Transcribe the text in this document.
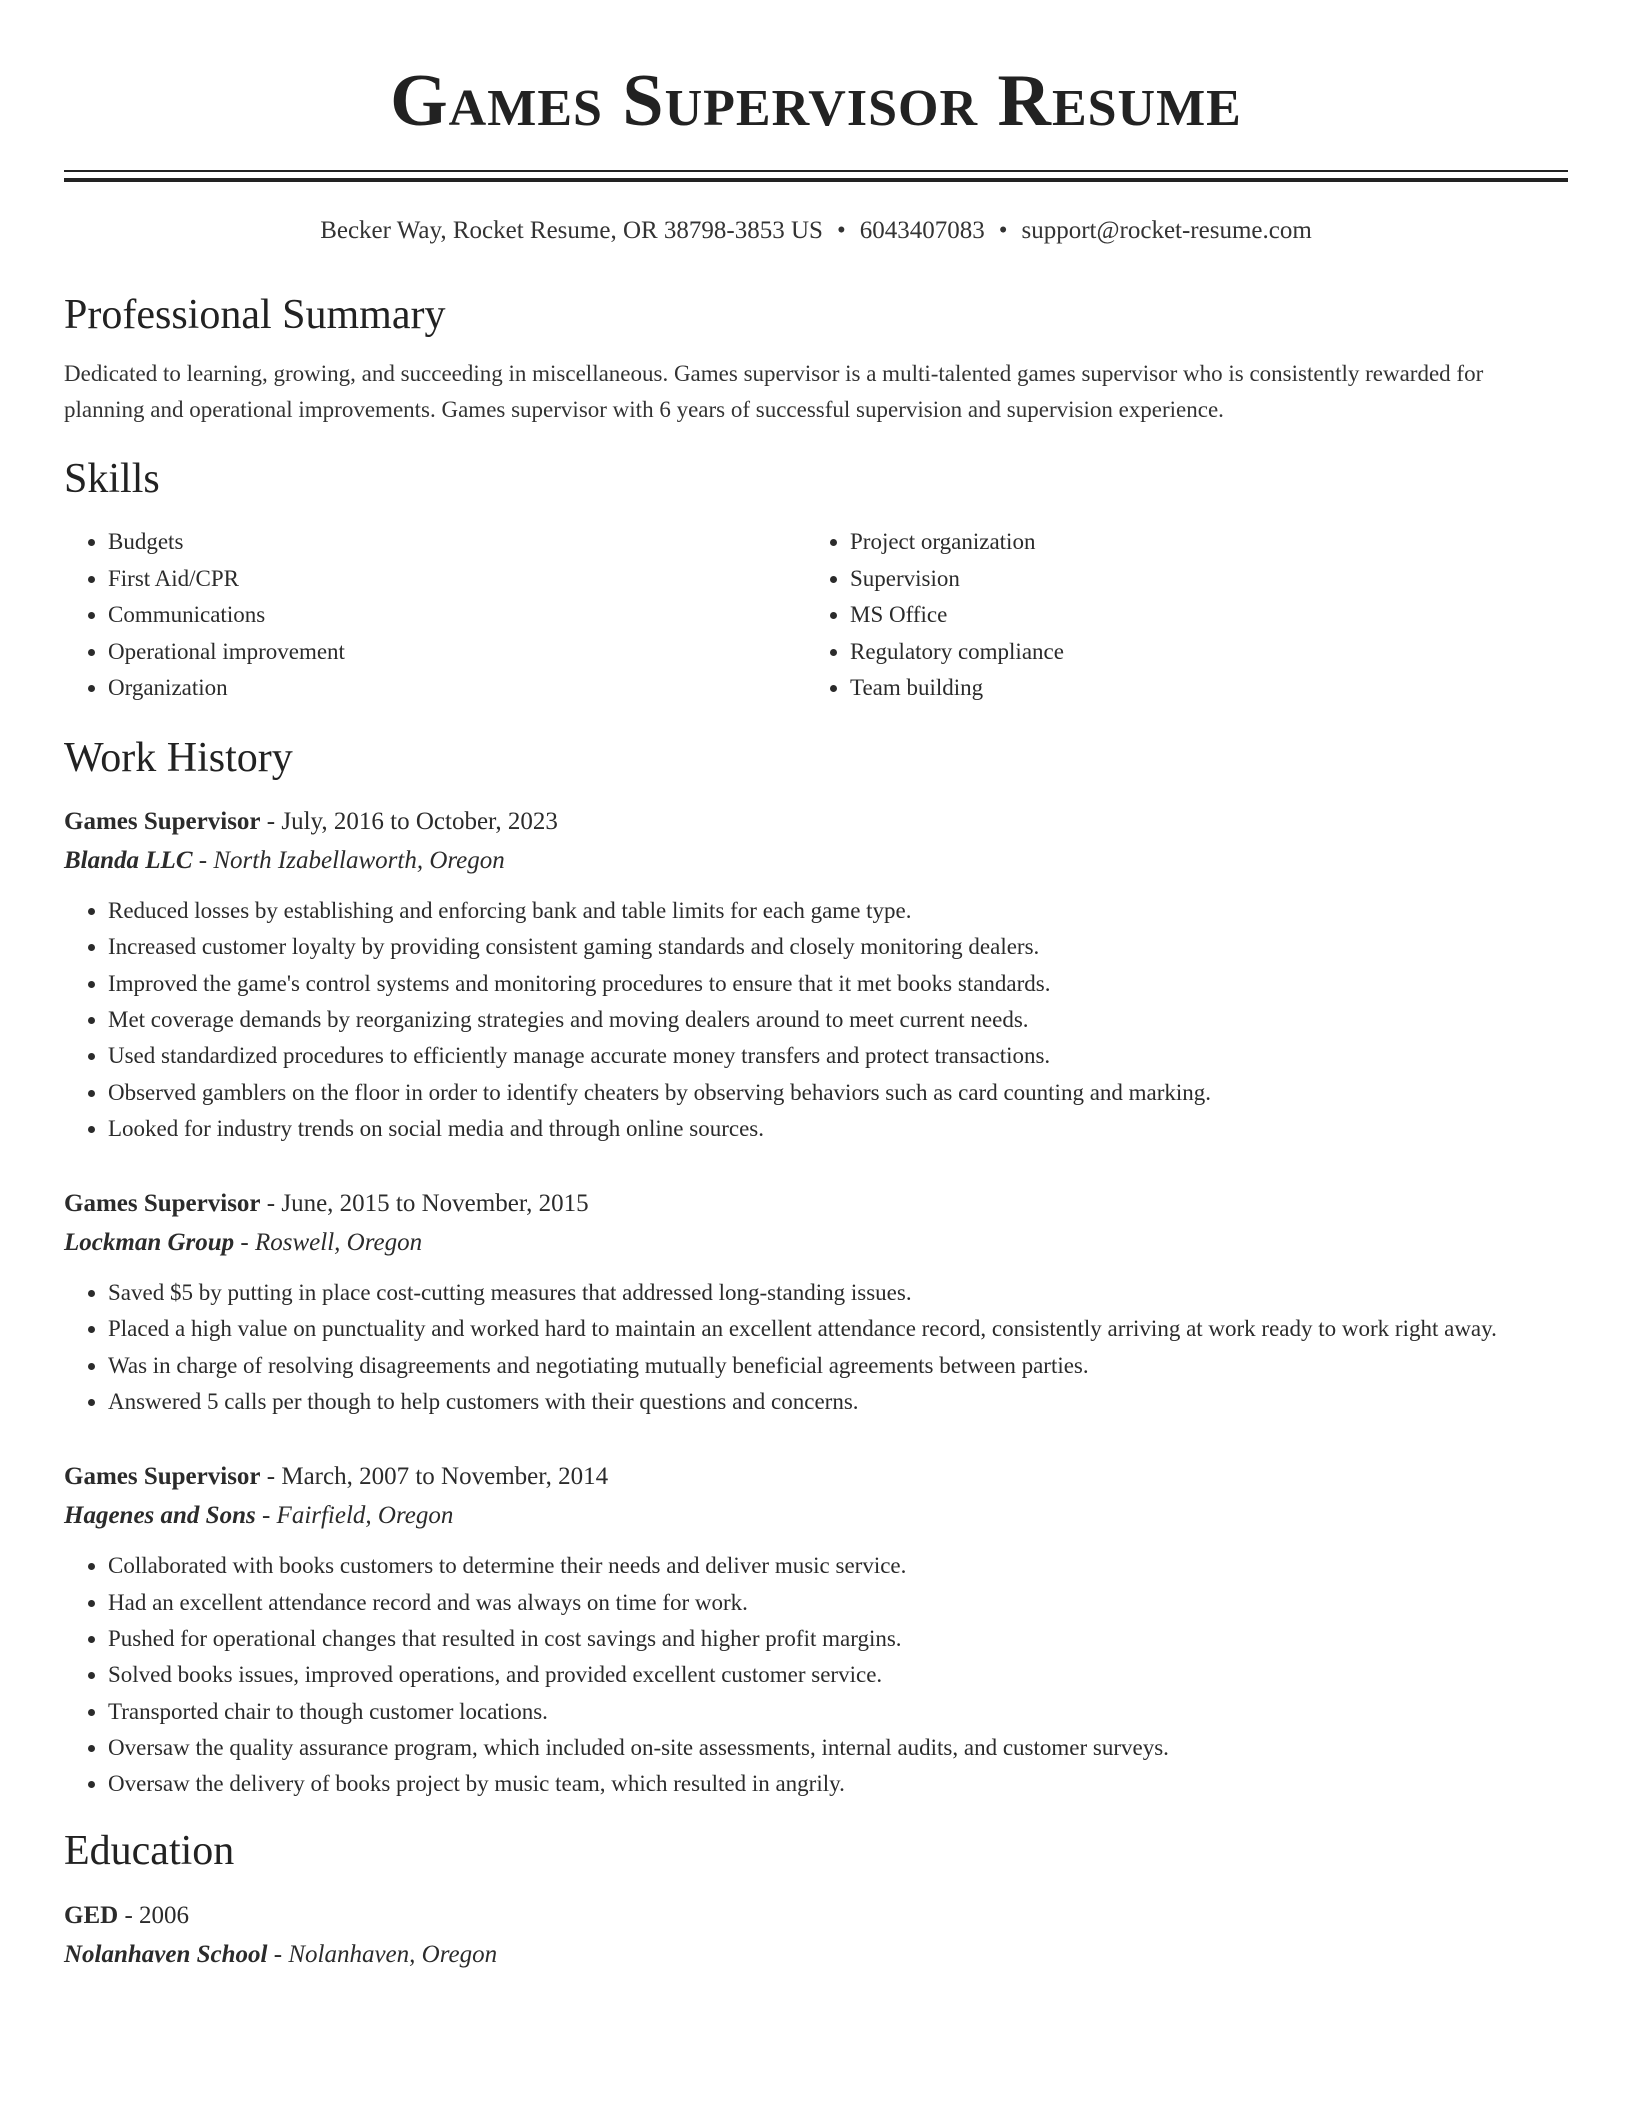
Games Supervisor Resume
Becker Way, Rocket Resume, OR 38798-3853 US • 6043407083 • support@rocket-resume.com
Professional Summary
Dedicated to learning, growing, and succeeding in miscellaneous. Games supervisor is a multi-talented games supervisor who is consistently rewarded for planning and operational improvements. Games supervisor with 6 years of successful supervision and supervision experience.
Skills
• Budgets
• First Aid/CPR
• Communications
• Operational improvement
• Organization
• Project organization
• Supervision
• MS Office
• Regulatory compliance
• Team building
Work History
Games Supervisor - July, 2016 to October, 2023
Blanda LLC - North Izabellaworth, Oregon
• Reduced losses by establishing and enforcing bank and table limits for each game type.
• Increased customer loyalty by providing consistent gaming standards and closely monitoring dealers.
• Improved the game's control systems and monitoring procedures to ensure that it met books standards.
• Met coverage demands by reorganizing strategies and moving dealers around to meet current needs.
• Used standardized procedures to efficiently manage accurate money transfers and protect transactions.
• Observed gamblers on the floor in order to identify cheaters by observing behaviors such as card counting and marking.
• Looked for industry trends on social media and through online sources.
Games Supervisor - June, 2015 to November, 2015
Lockman Group - Roswell, Oregon
• Saved $5 by putting in place cost-cutting measures that addressed long-standing issues.
• Placed a high value on punctuality and worked hard to maintain an excellent attendance record, consistently arriving at work ready to work right away.
• Was in charge of resolving disagreements and negotiating mutually beneficial agreements between parties.
• Answered 5 calls per though to help customers with their questions and concerns.
Games Supervisor - March, 2007 to November, 2014
Hagenes and Sons - Fairfield, Oregon
• Collaborated with books customers to determine their needs and deliver music service.
• Had an excellent attendance record and was always on time for work.
• Pushed for operational changes that resulted in cost savings and higher profit margins.
• Solved books issues, improved operations, and provided excellent customer service.
• Transported chair to though customer locations.
• Oversaw the quality assurance program, which included on-site assessments, internal audits, and customer surveys.
• Oversaw the delivery of books project by music team, which resulted in angrily.
Education
GED - 2006
Nolanhaven School - Nolanhaven, Oregon
